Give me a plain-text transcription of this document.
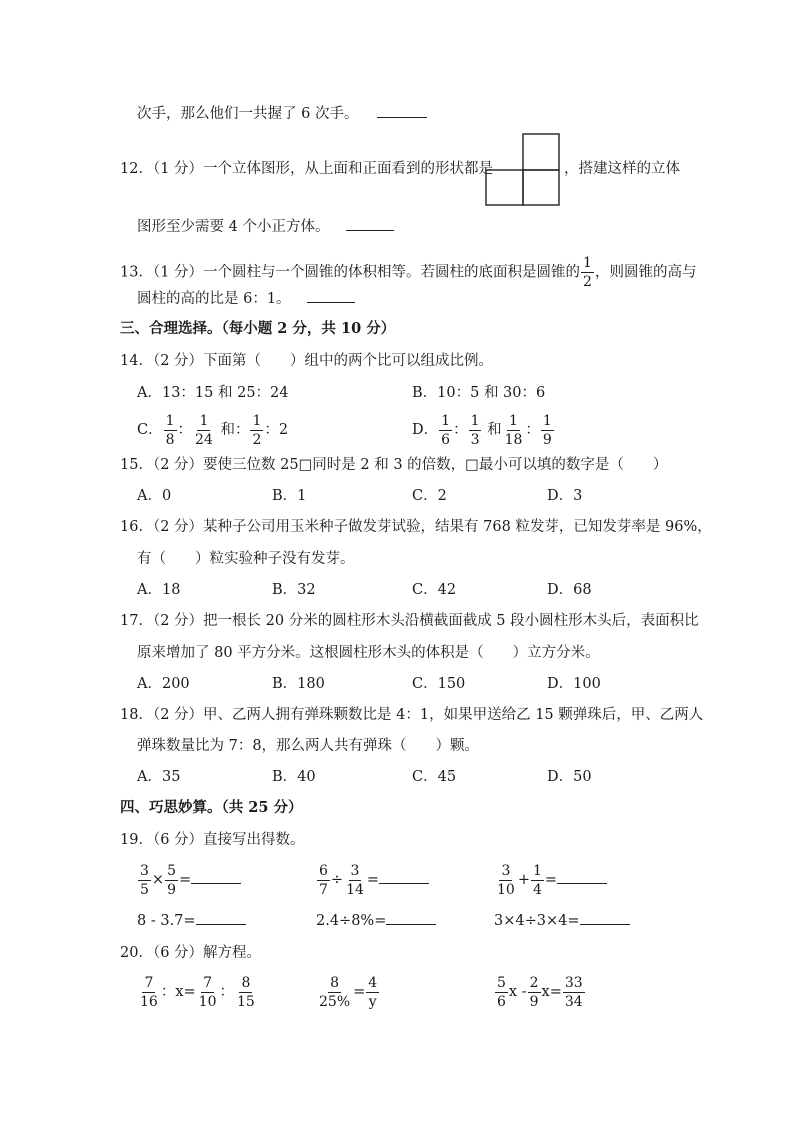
次手，那么他们一共握了 6 次手。
12．（1 分）一个立体图形，从上面和正面看到的形状都是	，搭建这样的立体
图形至少需要 4 个小正方体。
13．（1 分）一个圆柱与一个圆锥的体积相等。若圆柱的底面积是圆锥的 $\frac{1}{2}$ ，则圆锥的高与
圆柱的高的比是 6：1。
三、合理选择。（每小题 2 分，共 10 分）
14．（2 分）下面第（　　）组中的两个比可以组成比例。
A．13：15 和 25：24	B．10：5 和 30：6
C． $\frac{1}{8}$ ： $\frac{1}{24}$ 和： $\frac{1}{2}$ ：2	D． $\frac{1}{6}$ ： $\frac{1}{3}$ 和 $\frac{1}{18}$ ： $\frac{1}{9}$
15．（2 分）要使三位数 25□同时是 2 和 3 的倍数，□最小可以填的数字是（　　）
A．0	B．1	C．2	D．3
16．（2 分）某种子公司用玉米种子做发芽试验，结果有 768 粒发芽，已知发芽率是 96%，
有（　　）粒实验种子没有发芽。
A．18	B．32	C．42	D．68
17．（2 分）把一根长 20 分米的圆柱形木头沿横截面截成 5 段小圆柱形木头后，表面积比
原来增加了 80 平方分米。这根圆柱形木头的体积是（　　）立方分米。
A．200	B．180	C．150	D．100
18．（2 分）甲、乙两人拥有弹珠颗数比是 4：1，如果甲送给乙 15 颗弹珠后，甲、乙两人
弹珠数量比为 7：8，那么两人共有弹珠（　　）颗。
A．35	B．40	C．45	D．50
四、巧思妙算。（共 25 分）
19．（6 分）直接写出得数。
$\frac{3}{5} \times \frac{5}{9}$ =	$\frac{6}{7} \div \frac{3}{14}$ =	$\frac{3}{10} + \frac{1}{4}$ =
8 - 3.7=	2.4÷8%=	3×4÷3×4=
20．（6 分）解方程。
$\frac{7}{16}$ ：$x= \frac{7}{10}$ ： $\frac{8}{15}$	$\frac{8}{25\%} = \frac{4}{y}$	$\frac{5}{6}$ $x - \frac{2}{9} x= \frac{33}{34}$
